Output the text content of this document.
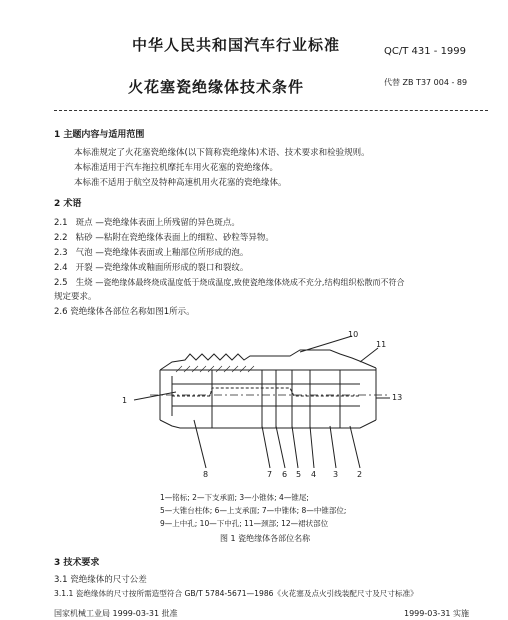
中华人民共和国汽车行业标准	QC/T 431 - 1999
火花塞瓷绝缘体技术条件	代替 ZB T37 004 - 89
1 主题内容与适用范围
本标准规定了火花塞瓷绝缘体(以下简称瓷绝缘体)术语、技术要求和检验规则。
本标准适用于汽车拖拉机摩托车用火花塞的瓷绝缘体。
本标准不适用于航空及特种高速机用火花塞的瓷绝缘体。
2 术语
2.1 斑点 —瓷绝缘体表面上所残留的异色斑点。
2.2 粘砂 —粘附在瓷绝缘体表面上的细粒、砂粒等异物。
2.3 气泡 —瓷绝缘体表面或上釉部位所形成的泡。
2.4 开裂 —瓷绝缘体或釉面所形成的裂口和裂纹。
2.5 生烧 —瓷绝缘体最终烧成温度低于烧成温度,致使瓷绝缘体烧成不充分,结构组织松散而不符合
规定要求。
2.6 瓷绝缘体各部位名称如图1所示。
10
11
1	13
8	7 6 5 4 3 2
1—铭标; 2—下支承面; 3—小锥体; 4—锥尾;
5—大锥台柱体; 6—上支承面; 7—中锥体; 8—中锥部位;
9—上中孔; 10—下中孔; 11—颈部; 12—裙状部位
图 1 瓷绝缘体各部位名称
3 技术要求
3.1 瓷绝缘体的尺寸公差
3.1.1 瓷绝缘体的尺寸按所需造型符合 GB/T 5784-5671—1986《火花塞及点火引线装配尺寸及尺寸标准》
国家机械工业局 1999-03-31 批准	1999-03-31 实施
